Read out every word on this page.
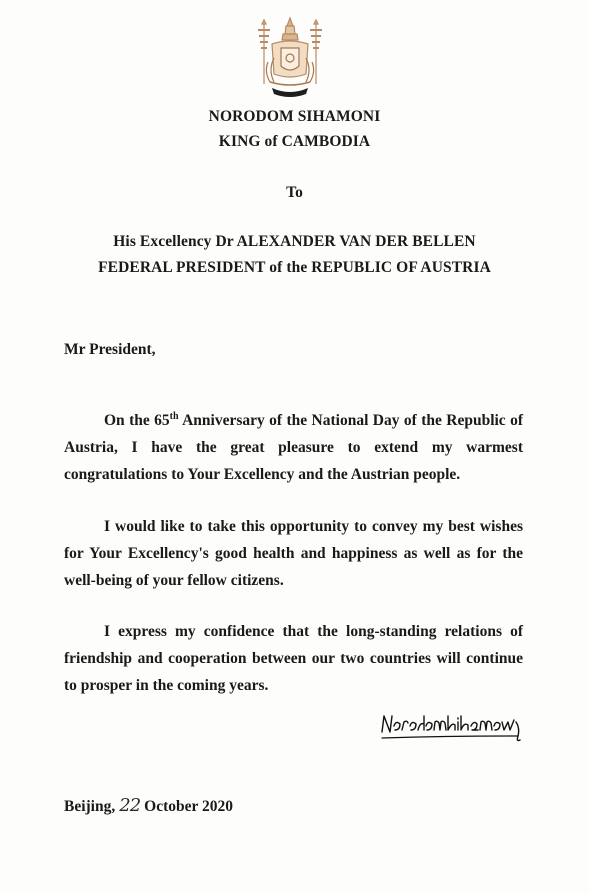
NORODOM SIHAMONI
KING of CAMBODIA
To
His Excellency Dr ALEXANDER VAN DER BELLEN
FEDERAL PRESIDENT of the REPUBLIC OF AUSTRIA
Mr President,

On the 65th Anniversary of the National Day of the Republic of Austria, I have the great pleasure to extend my warmest congratulations to Your Excellency and the Austrian people.

I would like to take this opportunity to convey my best wishes for Your Excellency's good health and happiness as well as for the well-being of your fellow citizens.

I express my confidence that the long-standing relations of friendship and cooperation between our two countries will continue to prosper in the coming years.

Beijing, 22 October 2020
